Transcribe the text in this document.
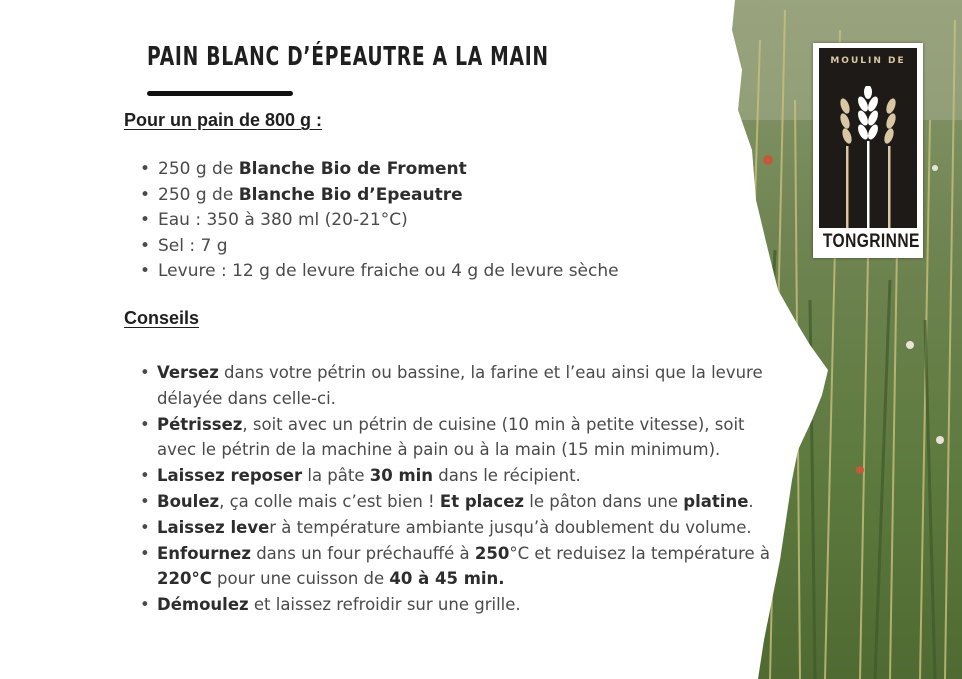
MOULIN DE
TONGRINNE
PAIN BLANC D’ÉPEAUTRE A LA MAIN
Pour un pain de 800 g :
• 250 g de Blanche Bio de Froment
• 250 g de Blanche Bio d’Epeautre
• Eau : 350 à 380 ml (20-21°C)
• Sel : 7 g
• Levure : 12 g de levure fraiche ou 4 g de levure sèche
Conseils
• Versez dans votre pétrin ou bassine, la farine et l’eau ainsi que la levure délayée dans celle-ci.
• Pétrissez, soit avec un pétrin de cuisine (10 min à petite vitesse), soit avec le pétrin de la machine à pain ou à la main (15 min minimum).
• Laissez reposer la pâte 30 min dans le récipient.
• Boulez, ça colle mais c’est bien ! Et placez le pâton dans une platine.
• Laissez lever à température ambiante jusqu’à doublement du volume.
• Enfournez dans un four préchauffé à 250°C et reduisez la température à 220°C pour une cuisson de 40 à 45 min.
• Démoulez et laissez refroidir sur une grille.
